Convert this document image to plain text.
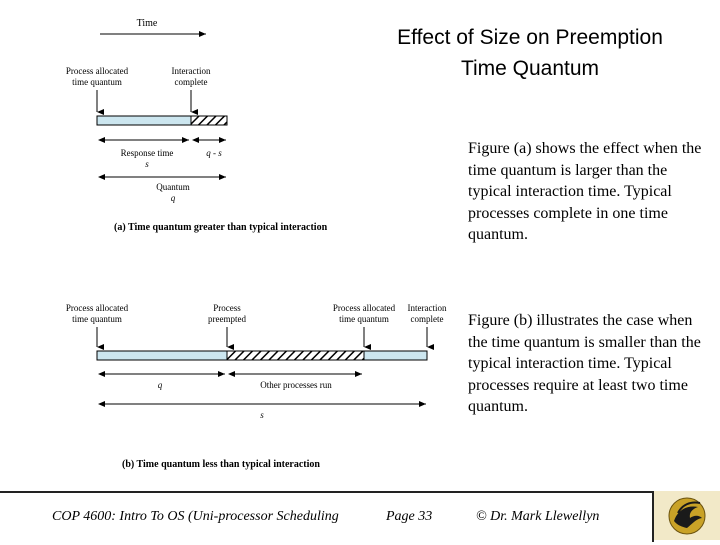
Effect of Size on Preemption
Time Quantum
Figure (a) shows the effect when the time quantum is larger than the typical interaction time. Typical processes complete in one time quantum.
Figure (b) illustrates the case when the time quantum is smaller than the typical interaction time. Typical processes require at least two time quantum.
Time
Process allocated
time quantum
Interaction
complete
Response time
s
q - s
Quantum
q
(a) Time quantum greater than typical interaction
Process allocated
time quantum
Process
preempted
Process allocated
time quantum
Interaction
complete
q	Other processes run
s
(b) Time quantum less than typical interaction
COP 4600: Intro To OS (Uni-processor Scheduling	Page 33	© Dr. Mark Llewellyn
